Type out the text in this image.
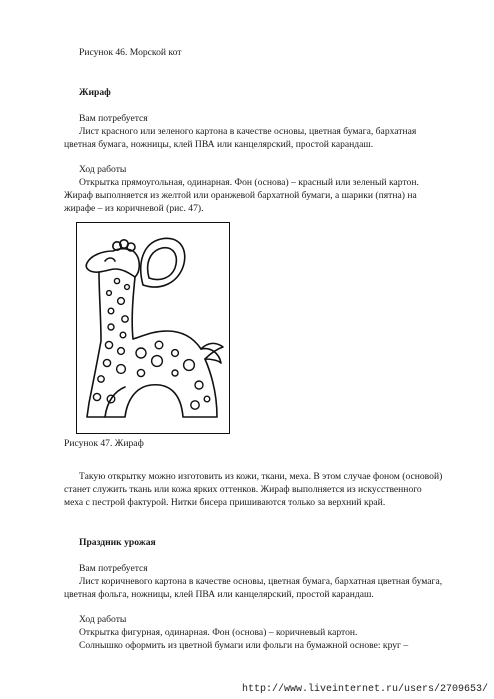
Рисунок 46. Морской кот
Жираф
Вам потребуется
Лист красного или зеленого картона в качестве основы, цветная бумага, бархатная
цветная бумага, ножницы, клей ПВА или канцелярский, простой карандаш.
Ход работы
Открытка прямоугольная, одинарная. Фон (основа) – красный или зеленый картон.
Жираф выполняется из желтой или оранжевой бархатной бумаги, а шарики (пятна) на
жирафе – из коричневой (рис. 47).
Рисунок 47. Жираф
Такую открытку можно изготовить из кожи, ткани, меха. В этом случае фоном (основой)
станет служить ткань или кожа ярких оттенков. Жираф выполняется из искусственного
меха с пестрой фактурой. Нитки бисера пришиваются только за верхний край.
Праздник урожая
Вам потребуется
Лист коричневого картона в качестве основы, цветная бумага, бархатная цветная бумага,
цветная фольга, ножницы, клей ПВА или канцелярский, простой карандаш.
Ход работы
Открытка фигурная, одинарная. Фон (основа) – коричневый картон.
Солнышко оформить из цветной бумаги или фольги на бумажной основе: круг –
http://www.liveinternet.ru/users/2709653/
